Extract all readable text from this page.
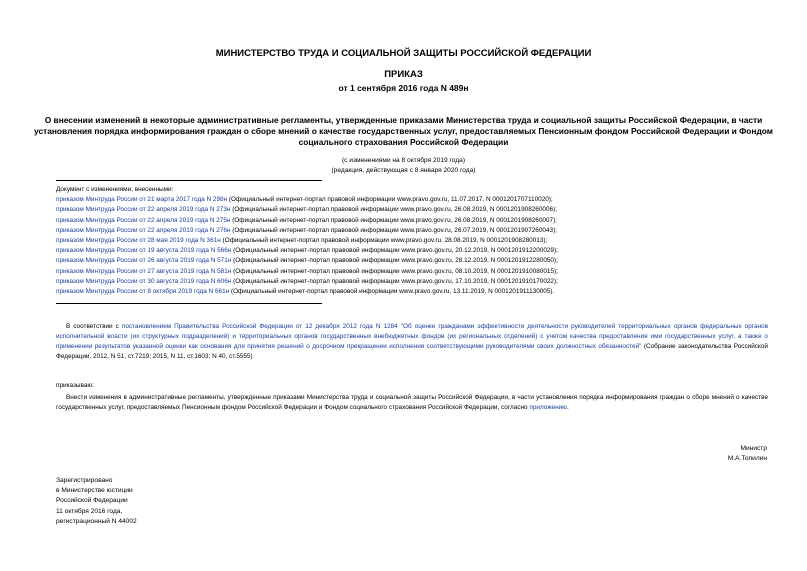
МИНИСТЕРСТВО ТРУДА И СОЦИАЛЬНОЙ ЗАЩИТЫ РОССИЙСКОЙ ФЕДЕРАЦИИ
ПРИКАЗ
от 1 сентября 2016 года N 489н
О внесении изменений в некоторые административные регламенты, утвержденные приказами Министерства труда и социальной защиты Российской Федерации, в части установления порядка информирования граждан о сборе мнений о качестве государственных услуг, предоставляемых Пенсионным фондом Российской Федерации и Фондом социального страхования Российской Федерации
(с изменениями на 8 октября 2019 года)
(редакция, действующая с 8 января 2020 года)
Документ с изменениями, внесенными:
приказом Минтруда России от 21 марта 2017 года N 298н (Официальный интернет-портал правовой информации www.pravo.gov.ru, 11.07.2017, N 0001201707110020);
приказом Минтруда России от 22 апреля 2019 года N 273н (Официальный интернет-портал правовой информации www.pravo.gov.ru, 26.08.2019, N 0001201908260006);
приказом Минтруда России от 22 апреля 2019 года N 275н (Официальный интернет-портал правовой информации www.pravo.gov.ru, 26.08.2019, N 0001201908260007);
приказом Минтруда России от 22 апреля 2019 года N 276н (Официальный интернет-портал правовой информации www.pravo.gov.ru, 26.07.2019, N 0001201907260043);
приказом Минтруда России от 28 мая 2019 года N 361н (Официальный интернет-портал правовой информации www.pravo.gov.ru, 28.08.2019, N 0001201908280013);
приказом Минтруда России от 19 августа 2019 года N 566н (Официальный интернет-портал правовой информации www.pravo.gov.ru, 20.12.2019, N 0001201912200029);
приказом Минтруда России от 26 августа 2019 года N 571н (Официальный интернет-портал правовой информации www.pravo.gov.ru, 28.12.2019, N 0001201912280050);
приказом Минтруда России от 27 августа 2019 года N 581н (Официальный интернет-портал правовой информации www.pravo.gov.ru, 08.10.2019, N 0001201910080015);
приказом Минтруда России от 30 августа 2019 года N 606н (Официальный интернет-портал правовой информации www.pravo.gov.ru, 17.10.2019, N 0001201910170022);
приказом Минтруда России от 8 октября 2019 года N 661н (Официальный интернет-портал правовой информации www.pravo.gov.ru, 13.11.2019, N 0001201911130005).
В соответствии с постановлением Правительства Российской Федерации от 12 декабря 2012 года N 1284 "Об оценке гражданами эффективности деятельности руководителей территориальных органов федеральных органов исполнительной власти (их структурных подразделений) и территориальных органов государственных внебюджетных фондов (их региональных отделений) с учетом качества предоставления ими государственных услуг, а также о применении результатов указанной оценки как основания для принятия решений о досрочном прекращении исполнения соответствующими руководителями своих должностных обязанностей" (Собрание законодательства Российской Федерации, 2012, N 51, ст.7219; 2015, N 11, ст.1603; N 40, ст.5555)
приказываю:
Внести изменения в административные регламенты, утвержденные приказами Министерства труда и социальной защиты Российской Федерации, в части установления порядка информирования граждан о сборе мнений о качестве государственных услуг, предоставляемых Пенсионным фондом Российской Федерации и Фондом социального страхования Российской Федерации, согласно приложению.
Министр
М.А.Топилин
Зарегистрировано
в Министерстве юстиции
Российской Федерации
11 октября 2016 года,
регистрационный N 44002
